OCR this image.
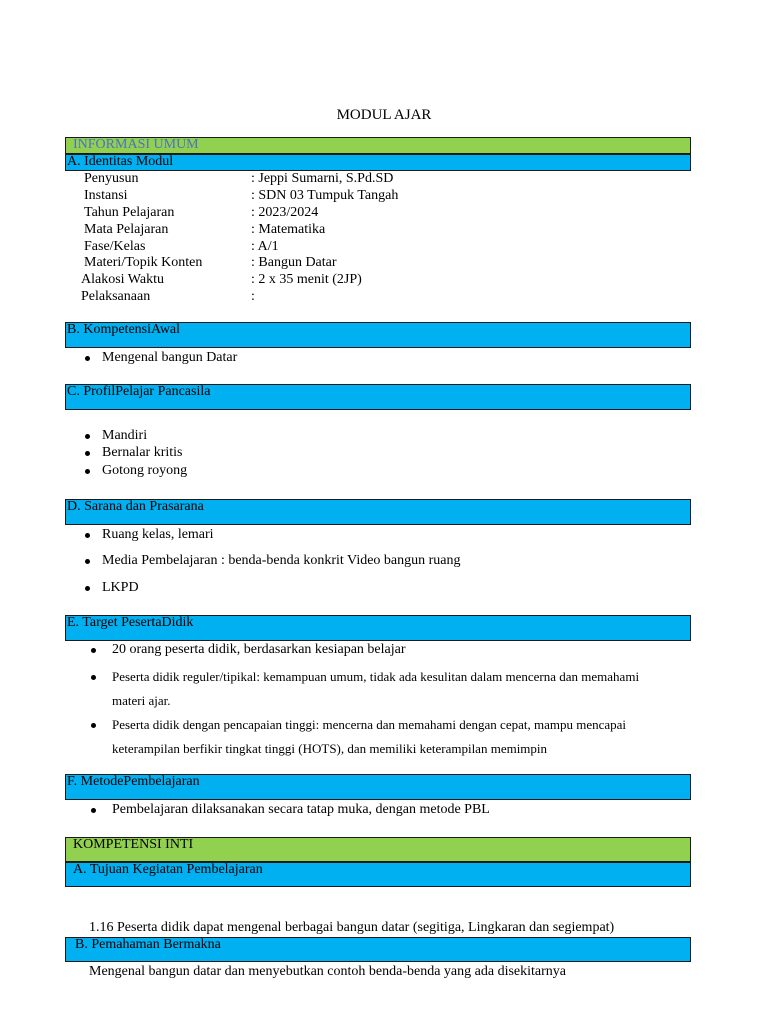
MODUL AJAR
INFORMASI UMUM
A. Identitas Modul
Penyusun	: Jeppi Sumarni, S.Pd.SD
Instansi	: SDN 03 Tumpuk Tangah
Tahun Pelajaran	: 2023/2024
Mata Pelajaran	: Matematika
Fase/Kelas	: A/1
Materi/Topik Konten	: Bangun Datar
Alakosi Waktu	: 2 x 35 menit (2JP)
Pelaksanaan	:
B. KompetensiAwal
Mengenal bangun Datar
C. ProfilPelajar Pancasila
Mandiri
Bernalar kritis
Gotong royong
D. Sarana dan Prasarana
Ruang kelas, lemari
Media Pembelajaran : benda-benda konkrit Video bangun ruang
LKPD
E. Target PesertaDidik
20 orang peserta didik, berdasarkan kesiapan belajar
Peserta didik reguler/tipikal: kemampuan umum, tidak ada kesulitan dalam mencerna dan memahami
materi ajar.
Peserta didik dengan pencapaian tinggi: mencerna dan memahami dengan cepat, mampu mencapai
keterampilan berfikir tingkat tinggi (HOTS), dan memiliki keterampilan memimpin
F. MetodePembelajaran
Pembelajaran dilaksanakan secara tatap muka, dengan metode PBL
KOMPETENSI INTI
A. Tujuan Kegiatan Pembelajaran
1.16 Peserta didik dapat mengenal berbagai bangun datar (segitiga, Lingkaran dan segiempat)
B. Pemahaman Bermakna
Mengenal bangun datar dan menyebutkan contoh benda-benda yang ada disekitarnya
